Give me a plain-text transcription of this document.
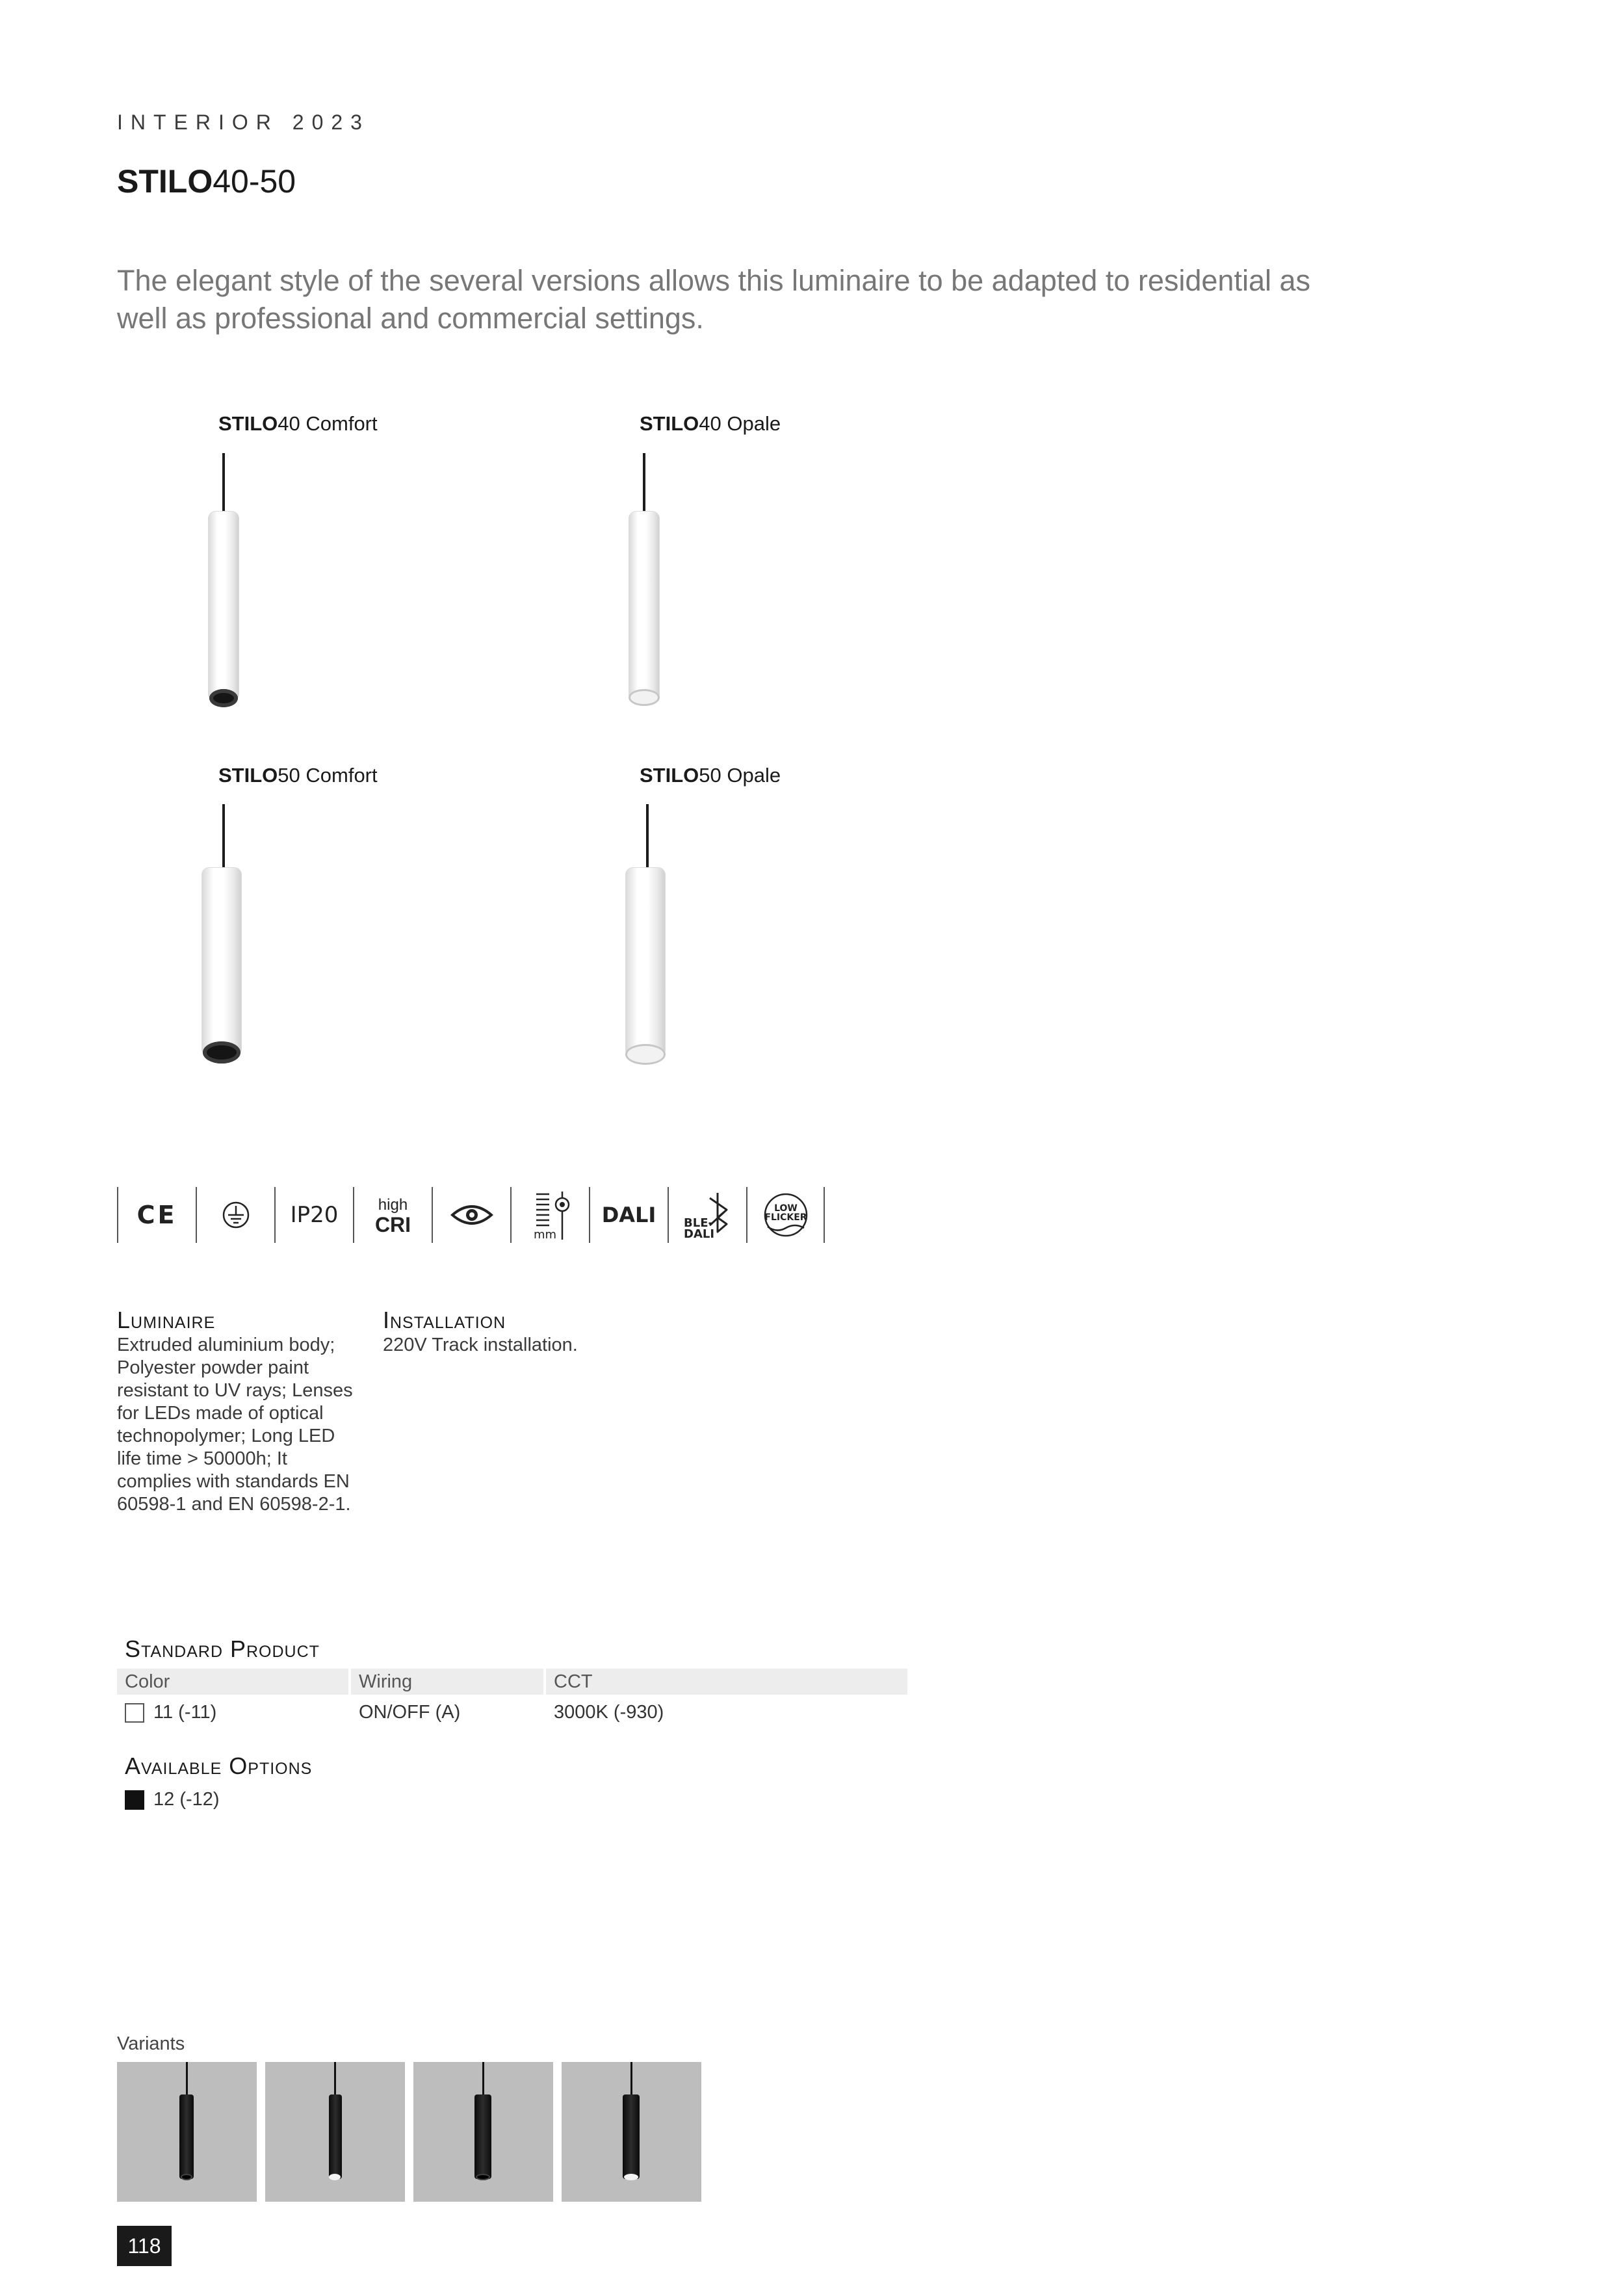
INTERIOR 2023
STILO40-50
The elegant style of the several versions allows this luminaire to be adapted to residential as well as professional and commercial settings.
STILO40 Comfort	STILO40 Opale
STILO50 Comfort	STILO50 Opale
CE	IP20	high
CRI	mm
DALI BLE-
DALI
LOW
FLICKER
Luminaire
Extruded aluminium body; Polyester powder paint resistant to UV rays; Lenses for LEDs made of optical technopolymer; Long LED life time > 50000h; It complies with standards EN 60598-1 and EN 60598-2-1.
Installation
220V Track installation.
Standard Product
Color	Wiring	CCT
11 (-11)	ON/OFF (A)	3000K (-930)
Available Options
12 (-12)
Variants
118
